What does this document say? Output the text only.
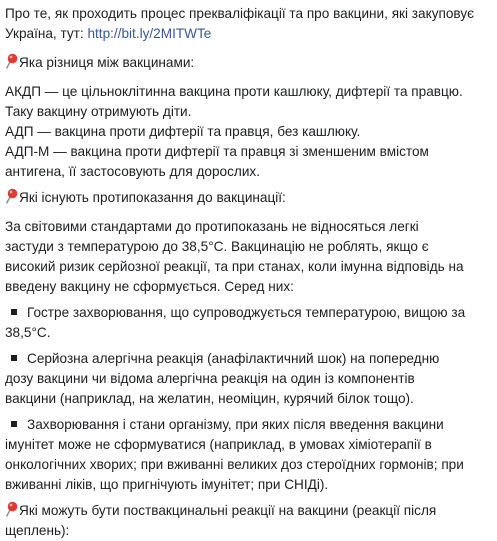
Про те, як проходить процес прекваліфікації та про вакцини, які закуповує Україна, тут: http://bit.ly/2MITWTe

Яка різниця між вакцинами:

АКДП — це цільноклітинна вакцина проти кашлюку, дифтерії та правцю.
Таку вакцину отримують діти.
АДП — вакцина проти дифтерії та правця, без кашлюку.
АДП-М — вакцина проти дифтерії та правця зі зменшеним вмістом
антигена, її застосовують для дорослих.

Які існують протипоказання до вакцинації:

За світовими стандартами до протипоказань не відносяться легкі
застуди з температурою до 38,5°C. Вакцинацію не роблять, якщо є
високий ризик серйозної реакції, та при станах, коли імунна відповідь на
введену вакцину не сформується. Серед них:
Гостре захворювання, що супроводжується температурою, вищою за
38,5°C.
Серйозна алергічна реакція (анафілактичний шок) на попередню
дозу вакцини чи відома алергічна реакція на один із компонентів
вакцини (наприклад, на желатин, неоміцин, курячий білок тощо).
Захворювання і стани організму, при яких після введення вакцини
імунітет може не сформуватися (наприклад, в умовах хіміотерапії в
онкологічних хворих; при вживанні великих доз стероїдних гормонів; при
вживанні ліків, що пригнічують імунітет; при СНІДі).

Які можуть бути поствакцинальні реакції на вакцини (реакції після

щеплень):
